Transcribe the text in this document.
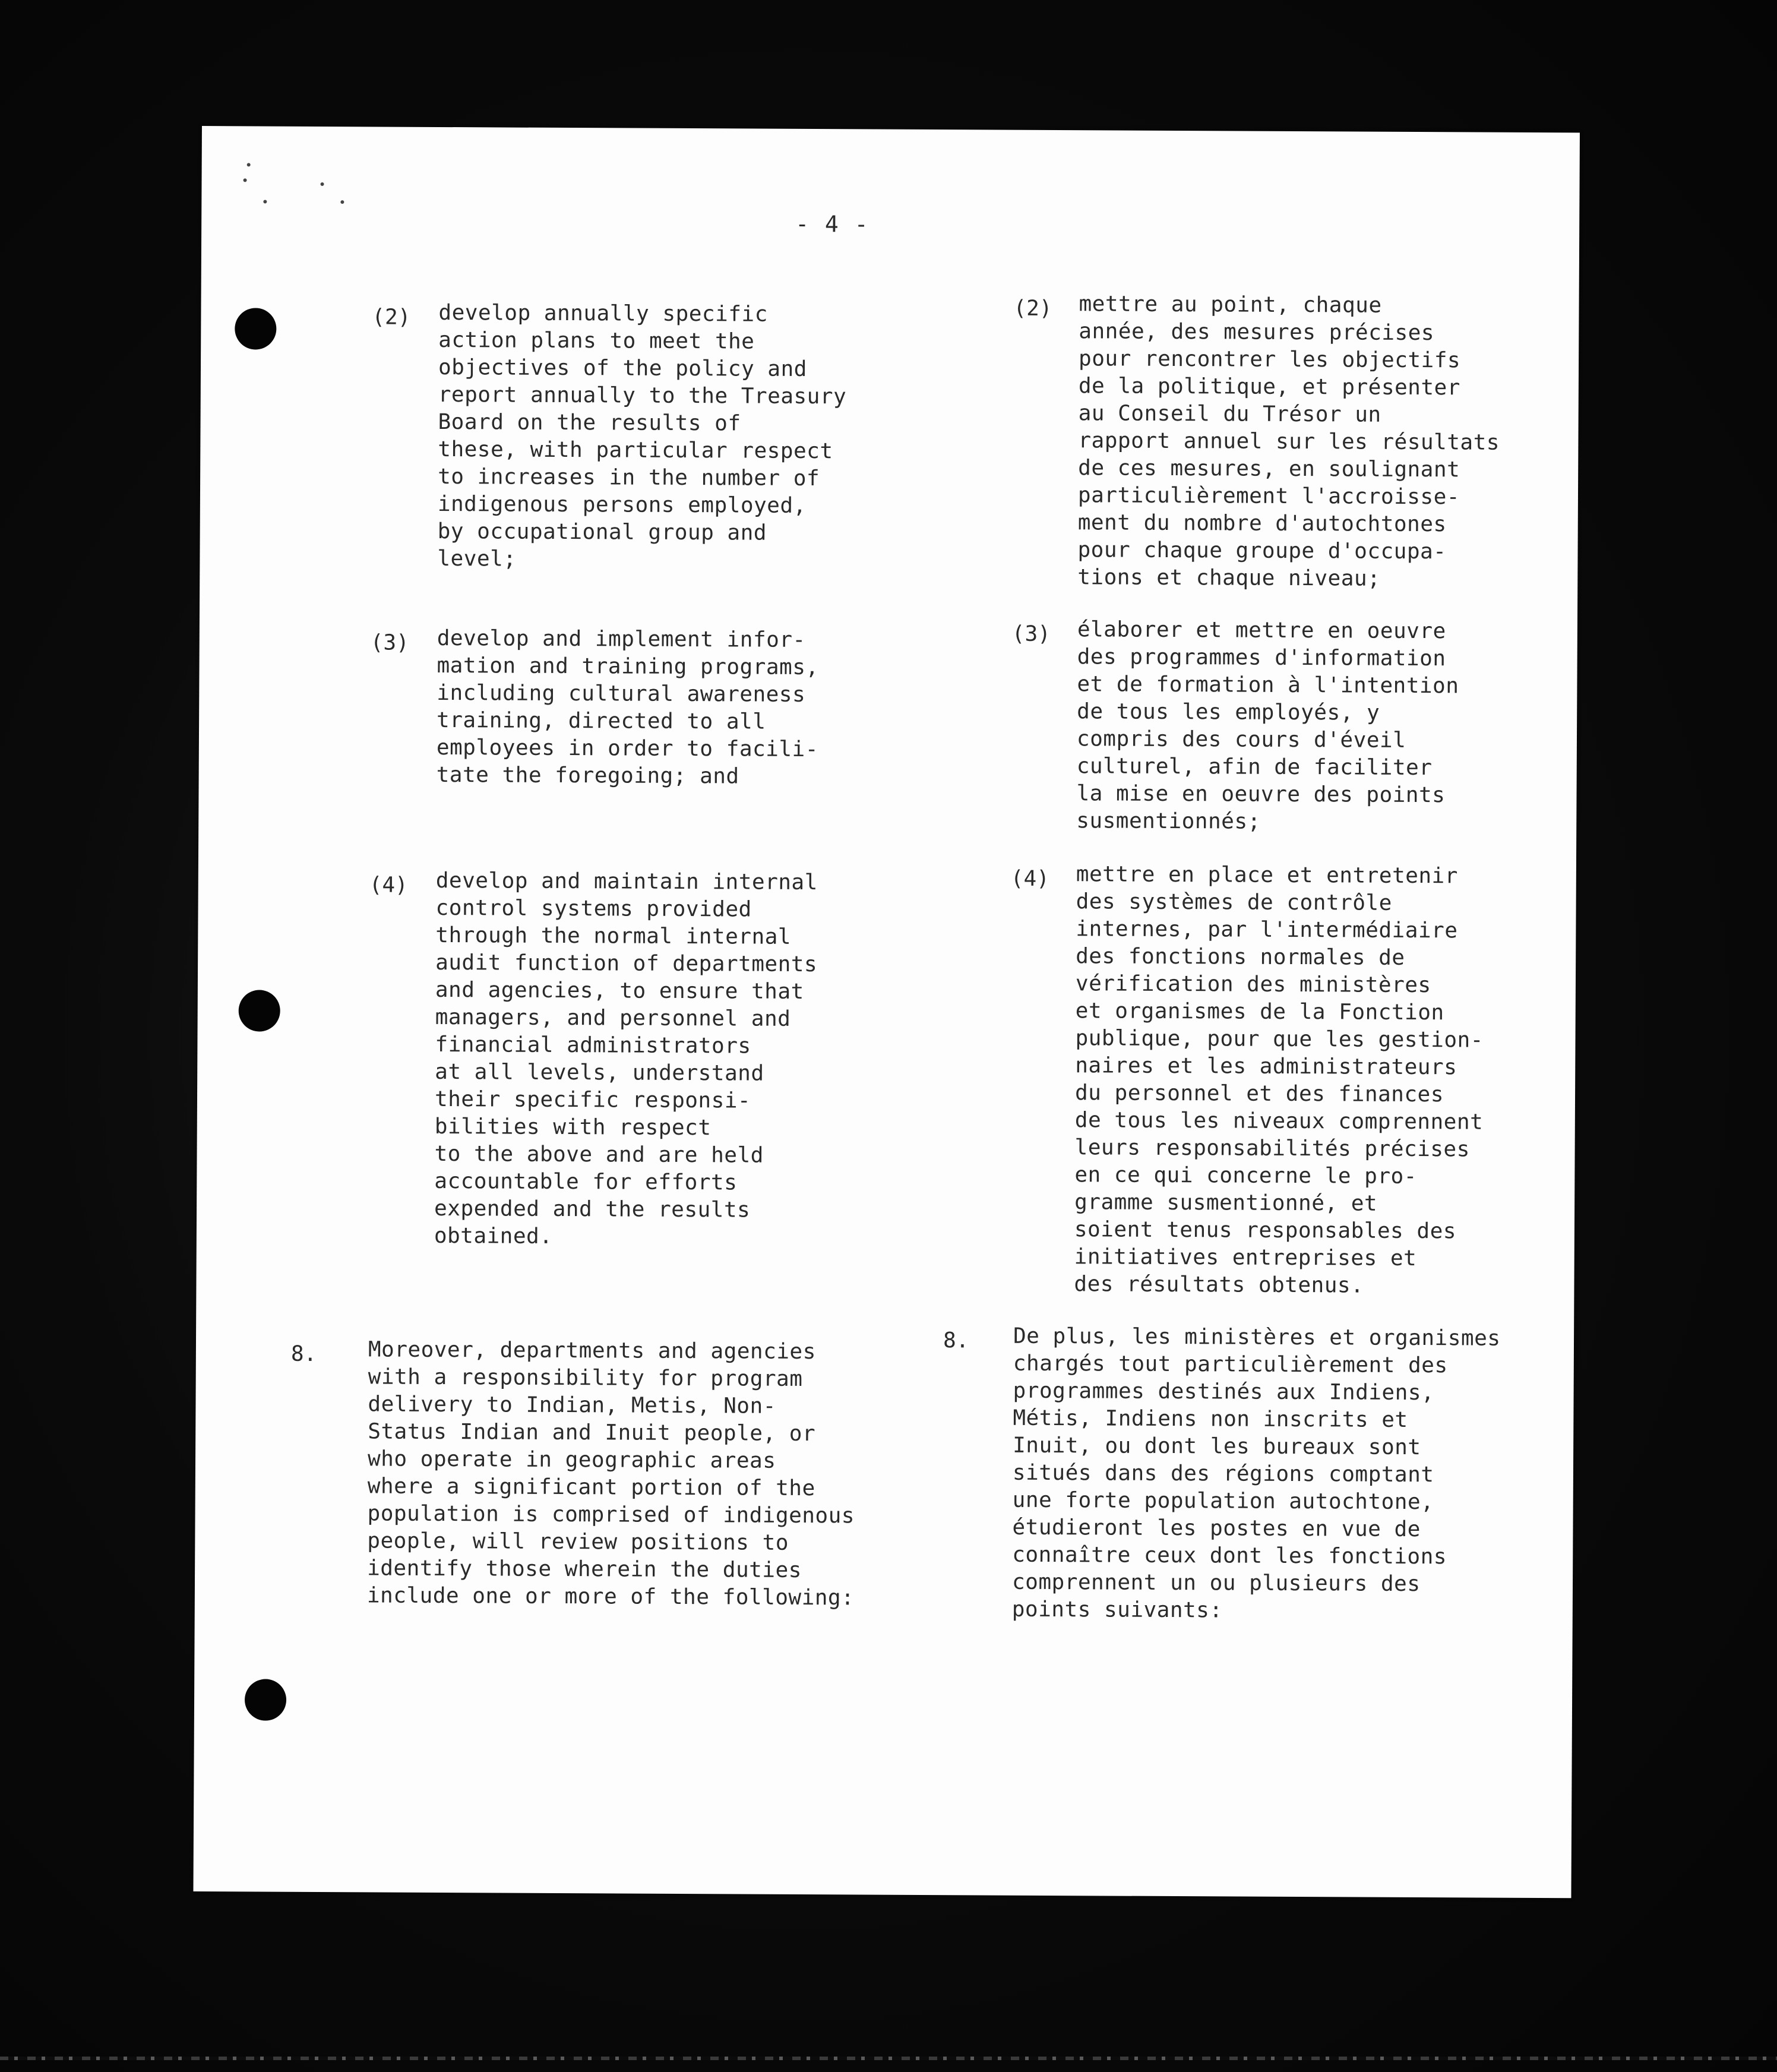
- 4 -
(2) develop annually specific
action plans to meet the
objectives of the policy and
report annually to the Treasury
Board on the results of
these, with particular respect
to increases in the number of
indigenous persons employed,
by occupational group and
level;
(3) develop and implement infor-
mation and training programs,
including cultural awareness
training, directed to all
employees in order to facili-
tate the foregoing; and
(4) develop and maintain internal
control systems provided
through the normal internal
audit function of departments
and agencies, to ensure that
managers, and personnel and
financial administrators
at all levels, understand
their specific responsi-
bilities with respect
to the above and are held
accountable for efforts
expended and the results
obtained.
8. Moreover, departments and agencies
with a responsibility for program
delivery to Indian, Metis, Non-
Status Indian and Inuit people, or
who operate in geographic areas
where a significant portion of the
population is comprised of indigenous
people, will review positions to
identify those wherein the duties
include one or more of the following:
(2) mettre au point, chaque
année, des mesures précises
pour rencontrer les objectifs
de la politique, et présenter
au Conseil du Trésor un
rapport annuel sur les résultats
de ces mesures, en soulignant
particulièrement l'accroisse-
ment du nombre d'autochtones
pour chaque groupe d'occupa-
tions et chaque niveau;
(3) élaborer et mettre en oeuvre
des programmes d'information
et de formation à l'intention
de tous les employés, y
compris des cours d'éveil
culturel, afin de faciliter
la mise en oeuvre des points
susmentionnés;
(4) mettre en place et entretenir
des systèmes de contrôle
internes, par l'intermédiaire
des fonctions normales de
vérification des ministères
et organismes de la Fonction
publique, pour que les gestion-
naires et les administrateurs
du personnel et des finances
de tous les niveaux comprennent
leurs responsabilités précises
en ce qui concerne le pro-
gramme susmentionné, et
soient tenus responsables des
initiatives entreprises et
des résultats obtenus.
8. De plus, les ministères et organismes
chargés tout particulièrement des
programmes destinés aux Indiens,
Métis, Indiens non inscrits et
Inuit, ou dont les bureaux sont
situés dans des régions comptant
une forte population autochtone,
étudieront les postes en vue de
connaître ceux dont les fonctions
comprennent un ou plusieurs des
points suivants:
